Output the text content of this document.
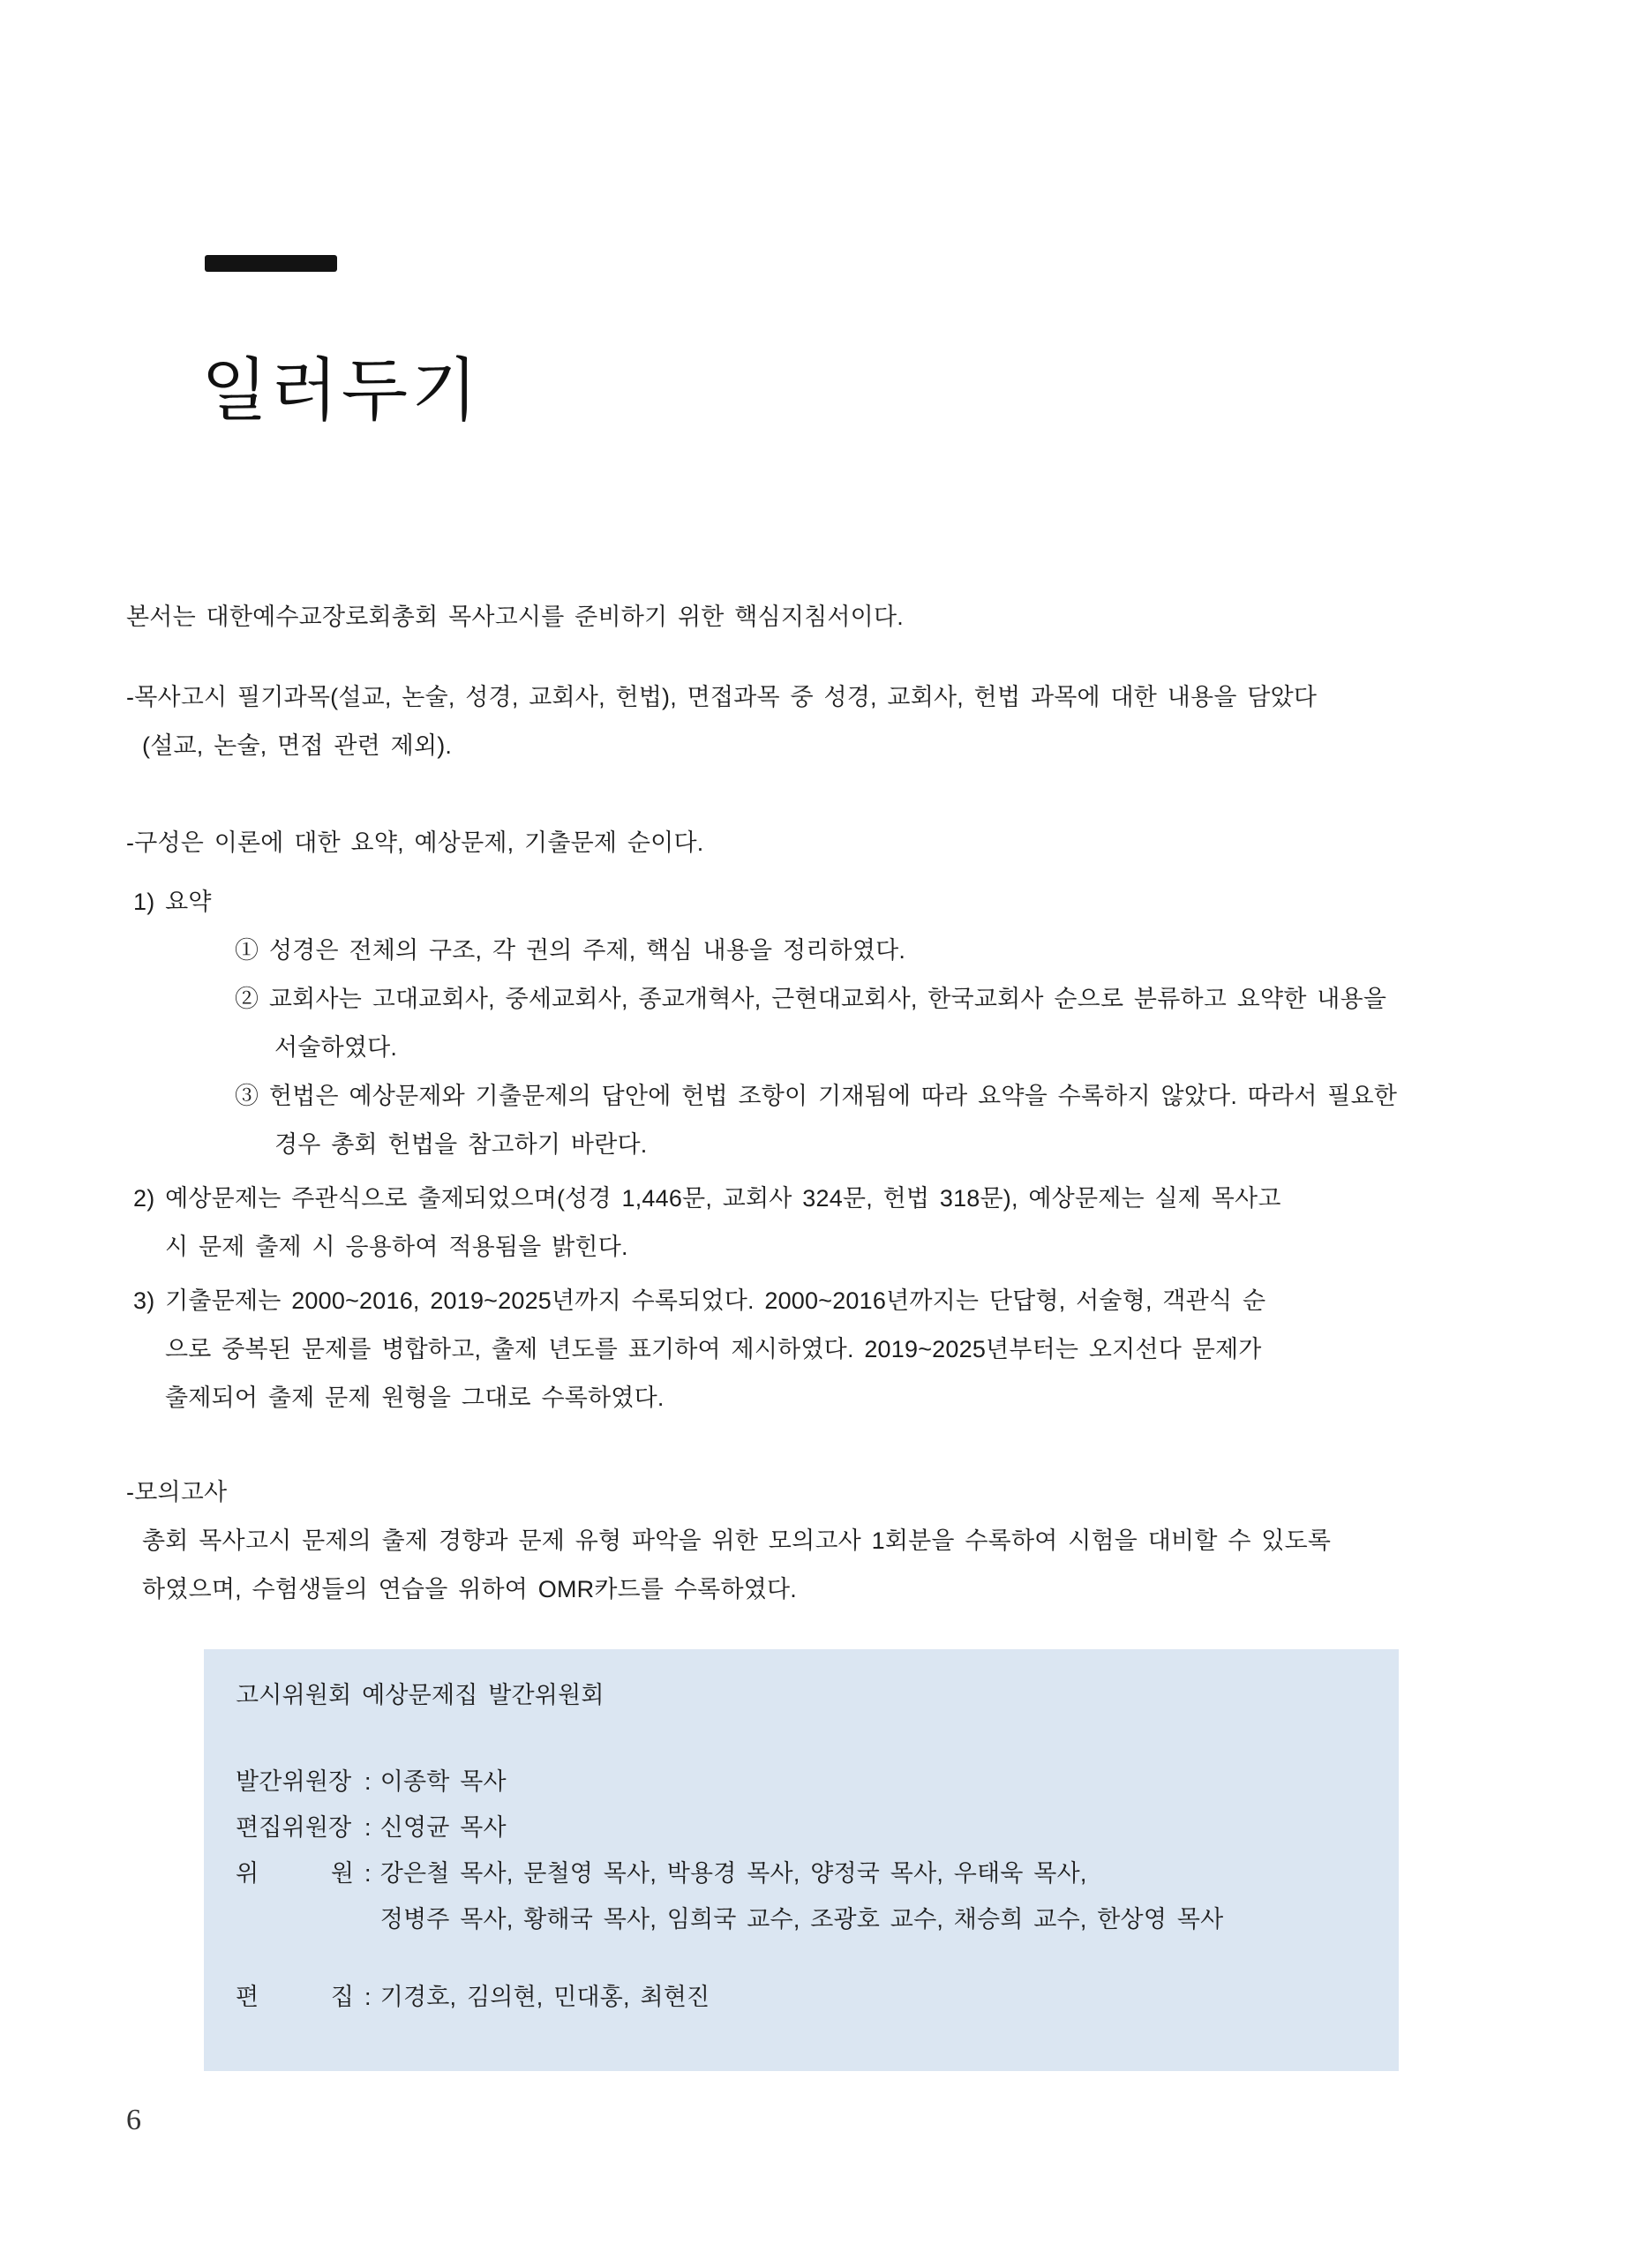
일러두기

본서는 대한예수교장로회총회 목사고시를 준비하기 위한 핵심지침서이다.

-목사고시 필기과목(설교, 논술, 성경, 교회사, 헌법), 면접과목 중 성경, 교회사, 헌법 과목에 대한 내용을 담았다
(설교, 논술, 면접 관련 제외).

-구성은 이론에 대한 요약, 예상문제, 기출문제 순이다.

1) 요약

① 성경은 전체의 구조, 각 권의 주제, 핵심 내용을 정리하였다.
② 교회사는 고대교회사, 중세교회사, 종교개혁사, 근현대교회사, 한국교회사 순으로 분류하고 요약한 내용을
서술하였다.
③ 헌법은 예상문제와 기출문제의 답안에 헌법 조항이 기재됨에 따라 요약을 수록하지 않았다. 따라서 필요한
경우 총회 헌법을 참고하기 바란다.
2) 예상문제는 주관식으로 출제되었으며(성경 1,446문, 교회사 324문, 헌법 318문), 예상문제는 실제 목사고
시 문제 출제 시 응용하여 적용됨을 밝힌다.
3) 기출문제는 2000~2016, 2019~2025년까지 수록되었다. 2000~2016년까지는 단답형, 서술형, 객관식 순
으로 중복된 문제를 병합하고, 출제 년도를 표기하여 제시하였다. 2019~2025년부터는 오지선다 문제가
출제되어 출제 문제 원형을 그대로 수록하였다.
-모의고사
총회 목사고시 문제의 출제 경향과 문제 유형 파악을 위한 모의고사 1회분을 수록하여 시험을 대비할 수 있도록
하였으며, 수험생들의 연습을 위하여 OMR카드를 수록하였다.

고시위원회 예상문제집 발간위원회

발간위원장 : 이종학 목사
편집위원장 : 신영균 목사
위　　　원 : 강은철 목사, 문철영 목사, 박용경 목사, 양정국 목사, 우태욱 목사,
정병주 목사, 황해국 목사, 임희국 교수, 조광호 교수, 채승희 교수, 한상영 목사
편　　　집 : 기경호, 김의현, 민대홍, 최현진
6
